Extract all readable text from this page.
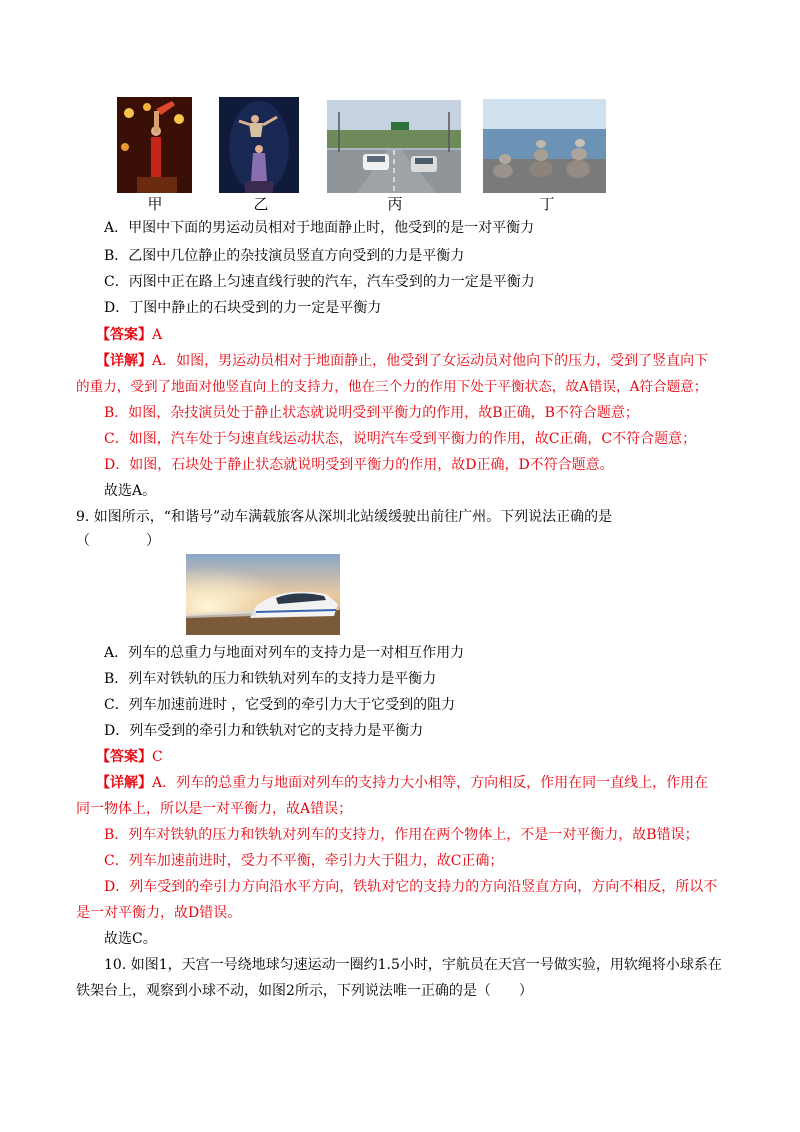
甲	乙	丙	丁
A．甲图中下面的男运动员相对于地面静止时，他受到的是一对平衡力
B．乙图中几位静止的杂技演员竖直方向受到的力是平衡力
C．丙图中正在路上匀速直线行驶的汽车，汽车受到的力一定是平衡力
D．丁图中静止的石块受到的力一定是平衡力
【答案】A
【详解】A．如图，男运动员相对于地面静止，他受到了女运动员对他向下的压力，受到了竖直向下
的重力，受到了地面对他竖直向上的支持力，他在三个力的作用下处于平衡状态，故A错误，A符合题意；
B．如图，杂技演员处于静止状态就说明受到平衡力的作用，故B正确，B不符合题意；
C．如图，汽车处于匀速直线运动状态，说明汽车受到平衡力的作用，故C正确，C不符合题意；
D．如图，石块处于静止状态就说明受到平衡力的作用，故D正确，D不符合题意。
故选A。
9. 如图所示，“和谐号”动车满载旅客从深圳北站缓缓驶出前往广州。下列说法正确的是
（　　　　）
A．列车的总重力与地面对列车的支持力是一对相互作用力
B．列车对铁轨的压力和铁轨对列车的支持力是平衡力
C．列车加速前进时 ，它受到的牵引力大于它受到的阻力
D．列车受到的牵引力和铁轨对它的支持力是平衡力
【答案】C
【详解】A．列车的总重力与地面对列车的支持力大小相等，方向相反，作用在同一直线上，作用在
同一物体上，所以是一对平衡力，故A错误；
B．列车对铁轨的压力和铁轨对列车的支持力，作用在两个物体上，不是一对平衡力，故B错误；
C．列车加速前进时，受力不平衡，牵引力大于阻力，故C正确；
D．列车受到的牵引力方向沿水平方向，铁轨对它的支持力的方向沿竖直方向，方向不相反，所以不
是一对平衡力，故D错误。
故选C。
10. 如图1，天宫一号绕地球匀速运动一圈约1.5小时，宇航员在天宫一号做实验，用软绳将小球系在
铁架台上，观察到小球不动，如图2所示，下列说法唯一正确的是（　　）
